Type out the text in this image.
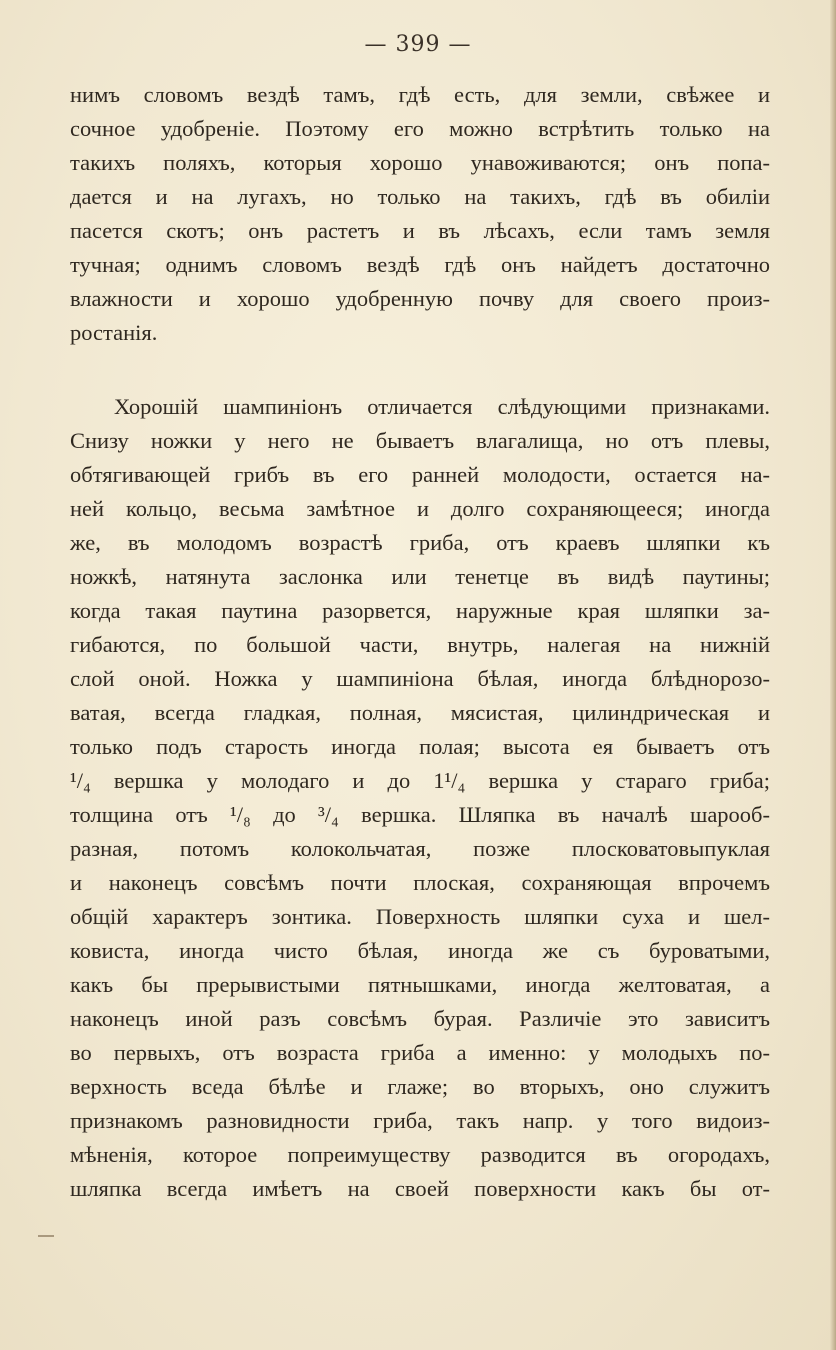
— 399 —
нимъ словомъ вездѣ тамъ, гдѣ есть, для земли, свѣжее и
сочное удобреніе. Поэтому его можно встрѣтить только на
такихъ поляхъ, которыя хорошо унавоживаются; онъ попа-
дается и на лугахъ, но только на такихъ, гдѣ въ обиліи
пасется скотъ; онъ растетъ и въ лѣсахъ, если тамъ земля
тучная; однимъ словомъ вездѣ гдѣ онъ найдетъ достаточно
влажности и хорошо удобренную почву для своего произ-
ростанія.
Хорошій шампиніонъ отличается слѣдующими признаками.
Снизу ножки у него не бываетъ влагалища, но отъ плевы,
обтягивающей грибъ въ его ранней молодости, остается на-
ней кольцо, весьма замѣтное и долго сохраняющееся; иногда
же, въ молодомъ возрастѣ гриба, отъ краевъ шляпки къ
ножкѣ, натянута заслонка или тенетце въ видѣ паутины;
когда такая паутина разорвется, наружные края шляпки за-
гибаются, по большой части, внутрь, налегая на нижній
слой оной. Ножка у шампиніона бѣлая, иногда блѣднорозо-
ватая, всегда гладкая, полная, мясистая, цилиндрическая и
только подъ старость иногда полая; высота ея бываетъ отъ
¹/₄ вершка у молодаго и до 1¹/₄ вершка у стараго гриба;
толщина отъ ¹/₈ до ³/₄ вершка. Шляпка въ началѣ шарооб-
разная, потомъ колокольчатая, позже плосковатовыпуклая
и наконецъ совсѣмъ почти плоская, сохраняющая впрочемъ
общій характеръ зонтика. Поверхность шляпки суха и шел-
ковиста, иногда чисто бѣлая, иногда же съ буроватыми,
какъ бы прерывистыми пятнышками, иногда желтоватая, а
наконецъ иной разъ совсѣмъ бурая. Различіе это зависитъ
во первыхъ, отъ возраста гриба а именно: у молодыхъ по-
верхность вседа бѣлѣе и глаже; во вторыхъ, оно служитъ
признакомъ разновидности гриба, такъ напр. у того видоиз-
мѣненія, которое попреимуществу разводится въ огородахъ,
шляпка всегда имѣетъ на своей поверхности какъ бы от-
